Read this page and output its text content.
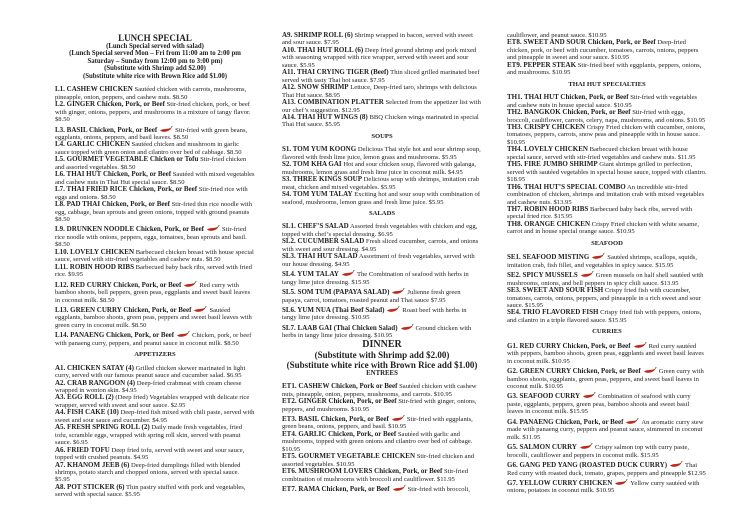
LUNCH SPECIAL
(Lunch Special served with salad)
(Lunch Special served Mon – Fri from 11:00 am to 2:00 pm
Saturday – Sunday from 12:00 pm to 3:00 pm)
(Substitute with Shrimp add $2.00)
(Substitute white rice with Brown Rice add $1.00)
L1. CASHEW CHICKEN Sautéed chicken with carrots, mushrooms, pineapple, onion, peppers, and cashew nuts. $8.50
L2. GINGER Chicken, Pork, or Beef Stir-fried chicken, pork, or beef with ginger, onions, peppers, and mushrooms in a mixture of tangy flavor. $8.50
L3. BASIL Chicken, Pork, or Beef	Stir-fried with green beans, eggplants, onions, peppers, and basil leaves. $8.50
L4. GARLIC CHICKEN Sautéed chicken and mushroom in garlic sauce topped with green onion and cilantro over bed of cabbage. $8.50
L5. GOURMET VEGETABLE Chicken or Tofu Stir-fried chicken and assorted vegetables. $8.50
L6. THAI HUT Chicken, Pork, or Beef Sautéed with mixed vegetables and cashew nuts in Thai Hut special sauce. $8.50
L7. THAI FRIED RICE Chicken, Pork, or Beef Stir-fried rice with eggs and onions. $8.50
L8. PAD THAI Chicken, Pork, or Beef Stir-fried thin rice noodle with egg, cabbage, bean sprouts and green onions, topped with ground peanuts $8.50
L9. DRUNKEN NOODLE Chicken, Pork, or Beef	Stir-fried rice noodle with onions, peppers, eggs, tomatoes, bean sprouts and basil. $8.50
L10. LOVELY CHICKEN Barbecued chicken breast with house special sauce, served with stir-fried vegetables and cashew nuts. $8.50
L11. ROBIN HOOD RIBS Barbecued baby back ribs, served with fried rice. $9.95
L12. RED CURRY Chicken, Pork, or Beef	Red curry with bamboo shoots, bell peppers, green peas, eggplants and sweet basil leaves in coconut milk. $8.50
L13. GREEN CURRY Chicken, Pork, or Beef	Sautéed eggplants, bamboo shoots, green peas, peppers and sweet basil leaves with green curry in coconut milk. $8.50
L14. PANAENG Chicken, Pork, or Beef	Chicken, pork, or beef with panaeng curry, peppers, and peanut sauce in coconut milk. $8.50
APPETIZERS
A1. CHICKEN SATAY (4) Grilled chicken skewer marinated in light curry, served with our famous peanut sauce and cucumber salad. $6.95
A2. CRAB RANGOON (4) Deep-fried crabmeat with cream cheese wrapped in wonton skin. $4.95
A3. EGG ROLL (2) (Deep fried) Vegetables wrapped with delicate rice wrapper, served with sweet and sour sauce. $2.95
A4. FISH CAKE (10) Deep-fried fish mixed with chili paste, served with sweet and sour sauce and cucumber. $4.95
A5. FRESH SPRING ROLL (2) Daily made fresh vegetables, fried tofu, scramble eggs, wrapped with spring roll skin, served with peanut sauce. $6.95
A6. FRIED TOFU Deep fried tofu, served with sweet and sour sauce, topped with crushed peanuts. $4.95
A7. KHANOM JEEB (6) Deep-fried dumplings filled with blended shrimps, potato starch and chopped onions, served with special sauce. $5.95
A8. POT STICKER (6) Thin pastry stuffed with pork and vegetables, served with special sauce. $5.95
A9. SHRIMP ROLL (6) Shrimp wrapped in bacon, served with sweet and sour sauce. $7.95
A10. THAI HUT ROLL (6) Deep fried ground shrimp and pork mixed with seasoning wrapped with rice wrapper, served with sweet and sour sauce. $5.95
A11. THAI CRYING TIGER (Beef) Thin sliced grilled marinated beef served with tasty Thai hot sauce. $7.95
A12. SNOW SHRIMP Lettuce, Deep-fried taro, shrimps with delicious Thai Hut sauce. $8.95
A13. COMBINATION PLATTER Selected from the appetizer list with our chef’s suggestion. $12.95
A14. THAI HUT WINGS (8) BBQ Chicken wings marinated in special Thai Hut sauce. $5.95
SOUPS
S1. TOM YUM KOONG Delicious Thai style hot and sour shrimp soup, flavored with fresh lime juice, lemon grass and mushrooms. $5.95
S2. TOM KHA GAI Hot and sour chicken soup, flavored with galanga, mushrooms, lemon grass and fresh lime juice in coconut milk. $4.95
S3. THREE KINGS SOUP Delicious soup with shrimps, imitation crab meat, chicken and mixed vegetables. $5.95
S4. TOM YUM TALAY Exciting hot and sour soup with combination of seafood, mushrooms, lemon grass and fresh lime juice. $5.95
SALADS
SL1. CHEF’S SALAD Assorted fresh vegetables with chicken and egg, topped with chef’s special dressing. $6.95
SL2. CUCUMBER SALAD Fresh sliced cucumber, carrots, and onions with sweet and sour dressing. $4.95
SL3. THAI HUT SALAD Assortment of fresh vegetables, served with our house dressing. $4.95
SL4. YUM TALAY	The Combination of seafood with herbs in tangy lime juice dressing. $15.95
SL5. SOM TUM (PAPAYA SALAD)	Julienne fresh green papaya, carrot, tomatoes, roasted peanut and Thai sauce $7.95
SL6. YUM NUA (Thai Beef Salad)	Roast beef with herbs in tangy lime juice dressing. $10.95
SL7. LAAB GAI (Thai Chicken Salad)	Ground chicken with herbs in tangy lime juice dressing. $10.95
DINNER
(Substitute with Shrimp add $2.00)
(Substitute white rice with Brown Rice add $1.00)
ENTREES
ET1. CASHEW Chicken, Pork or Beef Sautéed chicken with cashew nuts, pineapple, onion, peppers, mushrooms, and carrots. $10.95
ET2. GINGER Chicken, Pork, or Beef Stir-fried with ginger, onions, peppers, and mushrooms. $10.95
ET3. BASIL Chicken, Pork, or Beef	Stir-fried with eggplants, green beans, onions, peppers, and basil. $10.95
ET4. GARLIC Chicken, Pork, or Beef Sautéed with garlic and mushrooms, topped with green onions and cilantro over bed of cabbage. $10.95
ET5. GOURMET VEGETABLE CHICKEN Stir-fried chicken and assorted vegetables. $10.95
ET6. MUSHROOM LOVERS Chicken, Pork, or Beef Stir-fried combination of mushrooms with broccoli and cauliflower. $11.95
ET7. RAMA Chicken, Pork, or Beef	Stir-fried with broccoli,
cauliflower, and peanut sauce. $10.95
ET8. SWEET AND SOUR Chicken, Pork, or Beef Deep-fried chicken, pork, or beef with cucumber, tomatoes, carrots, onions, peppers and pineapple in sweet and sour sauce. $10.95
ET9. PEPPER STEAK Stir-fried beef with eggplants, peppers, onions, and mushrooms. $10.95
THAI HUT SPECIALTIES
TH1. THAI HUT Chicken, Pork, or Beef Stir-fried with vegetables and cashew nuts in house special sauce. $10.95
TH2. BANGKOK Chicken, Pork, or Beef Stir-fried with eggs, broccoli, cauliflower, carrots, celery, napa, mushrooms, and onions. $10.95
TH3. CRISPY CHICKEN Crispy Fried chicken with cucumber, onions, tomatoes, peppers, carrots, snow peas and pineapple with in house sauce. $10.95
TH4. LOVELY CHICKEN Barbecued chicken breast with house special sauce, served with stir-fried vegetables and cashew nuts. $11.95
TH5. FIRE JUMBO SHRIMP Giant shrimps grilled to perfection, served with sautéed vegetables in special house sauce, topped with cilantro. $18.95
TH6. THAI HUT’S SPECIAL COMBO An incredible stir-fried combination of chicken, shrimps and imitation crab with mixed vegetables and cashew nuts. $13.95
TH7. ROBIN HOOD RIBS Barbecued baby back ribs, served with special fried rice. $15.95
TH8. ORANGE CHICKEN Crispy Fried chicken with white sesame, carrot and in house special orange sauce. $10.95
SEAFOOD
SE1. SEAFOOD MISTING	Sautéed shrimps, scallops, squids, imitation crab, fish fillet, and vegetables in spicy sauce. $15.95
SE2. SPICY MUSSELS	Green mussels on half shell sautéed with mushrooms, onions, and bell peppers in spicy chili sauce. $13.95
SE3. SWEET AND SOUR FISH Crispy fried fish with cucumber, tomatoes, carrots, onions, peppers, and pineapple in a rich sweet and sour sauce. $15.95
SE4. TRIO FLAVORED FISH Crispy fried fish with peppers, onions, and cilantro in a triple flavored sauce. $15.95
CURRIES
G1. RED CURRY Chicken, Pork, or Beef	Red curry sautéed with peppers, bamboo shoots, green peas, eggplants and sweet basil leaves in coconut milk. $10.95
G2. GREEN CURRY Chicken, Pork, or Beef	Green curry with bamboo shoots, eggplants, green peas, peppers, and sweet basil leaves in coconut milk. $10.95
G3. SEAFOOD CURRY	Combination of seafood with curry paste, eggplants, peppers, green peas, bamboo shoots and sweet basil leaves in coconut milk. $15.95
G4. PANAENG Chicken, Pork, or Beef	An aromatic curry stew made with panaeng curry, peppers and peanut sauce, simmered in coconut milk. $11.95
G5. SALMON CURRY	Crispy salmon top with curry paste, brocolli, cauliflower and peppers in coconut milk. $15.95
G6. GANG PED YANG (ROASTED DUCK CURRY)	Thai Red curry with roasted duck, tomato, grapes, peppers and pineapple $12.95
G7. YELLOW CURRY CHICKEN	Yellow curry sautéed with onions, potatoes in coconut milk. $10.95
